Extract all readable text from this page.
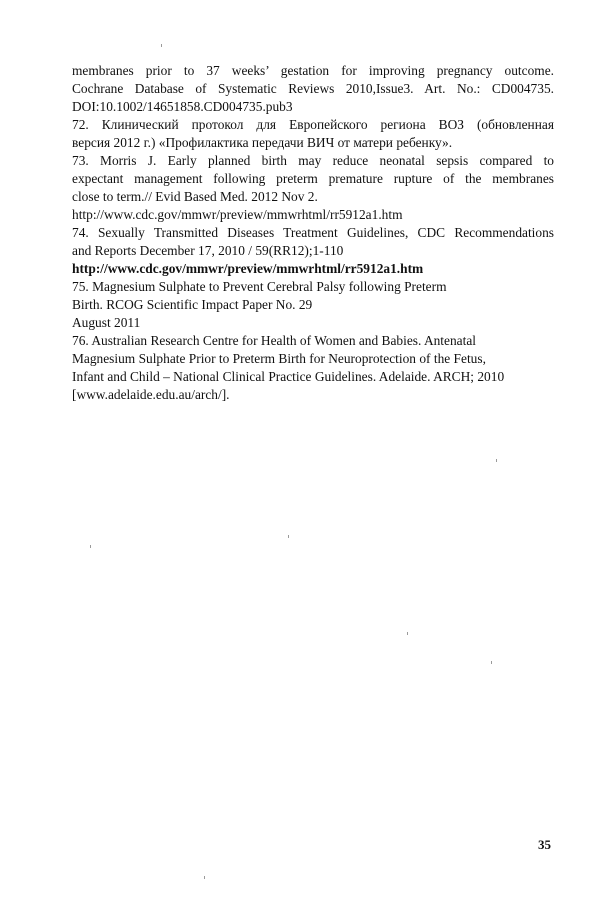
membranes prior to 37 weeks’ gestation for improving pregnancy outcome.
Cochrane Database of Systematic Reviews 2010,Issue3. Art. No.: CD004735.
DOI:10.1002/14651858.CD004735.pub3
72. Клинический протокол для Европейского региона ВОЗ (обновленная
версия 2012 г.) «Профилактика передачи ВИЧ от матери ребенку».
73. Morris J. Early planned birth may reduce neonatal sepsis compared to
expectant management following preterm premature rupture of the membranes
close to term.// Evid Based Med. 2012 Nov 2.
http://www.cdc.gov/mmwr/preview/mmwrhtml/rr5912a1.htm
74. Sexually Transmitted Diseases Treatment Guidelines, CDC Recommendations
and Reports December 17, 2010 / 59(RR12);1-110
http://www.cdc.gov/mmwr/preview/mmwrhtml/rr5912a1.htm
75. Magnesium Sulphate to Prevent Cerebral Palsy following Preterm
Birth. RCOG Scientific Impact Paper No. 29
August 2011
76. Australian Research Centre for Health of Women and Babies. Antenatal
Magnesium Sulphate Prior to Preterm Birth for Neuroprotection of the Fetus,
Infant and Child – National Clinical Practice Guidelines. Adelaide. ARCH; 2010
[www.adelaide.edu.au/arch/].
35
